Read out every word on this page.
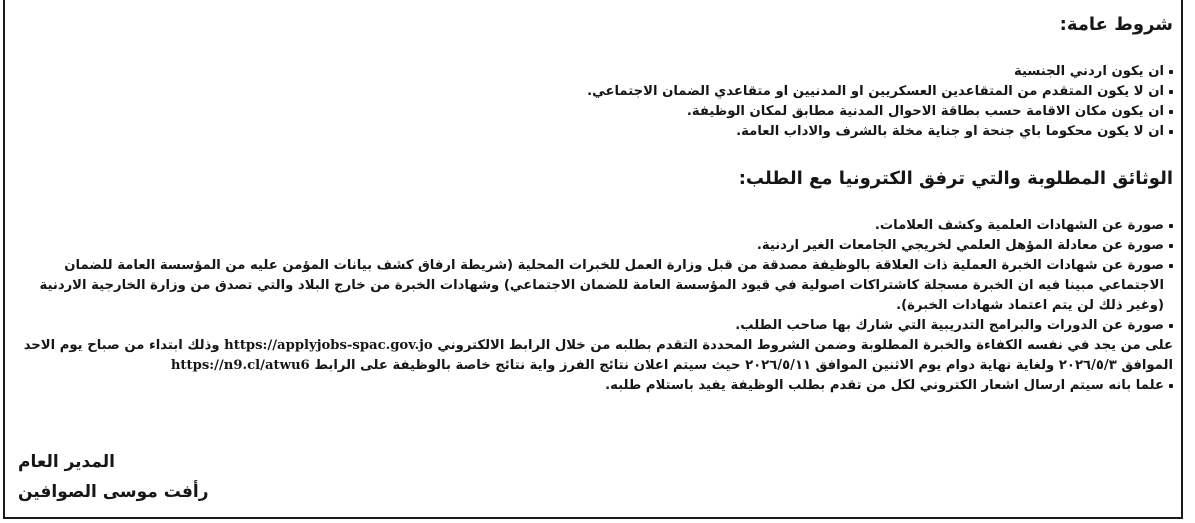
شروط عامة:
ان يكون اردني الجنسية
ان لا يكون المتقدم من المتقاعدين العسكريين او المدنيين او متقاعدي الضمان الاجتماعي.
ان يكون مكان الاقامة حسب بطاقة الاحوال المدنية مطابق لمكان الوظيفة.
ان لا يكون محكوما باي جنحة او جناية مخلة بالشرف والاداب العامة.
الوثائق المطلوبة والتي ترفق الكترونيا مع الطلب:
صورة عن الشهادات العلمية وكشف العلامات.
صورة عن معادلة المؤهل العلمي لخريجي الجامعات الغير اردنية.
صورة عن شهادات الخبرة العملية ذات العلاقة بالوظيفة مصدقة من قبل وزارة العمل للخبرات المحلية (شريطة ارفاق كشف بيانات المؤمن عليه من المؤسسة العامة للضمان الاجتماعي مبينا فيه ان الخبرة مسجلة كاشتراكات اصولية في قيود المؤسسة العامة للضمان الاجتماعي) وشهادات الخبرة من خارج البلاد والتي تصدق من وزارة الخارجية الاردنية (وغير ذلك لن يتم اعتماد شهادات الخبرة).
صورة عن الدورات والبرامج التدريبية التي شارك بها صاحب الطلب.

على من يجد في نفسه الكفاءة والخبرة المطلوبة وضمن الشروط المحددة التقدم بطلبه من خلال الرابط الالكتروني https://applyjobs-spac.gov.jo وذلك ابتداء من صباح يوم الاحد الموافق ٢٠٢٦/٥/٣ ولغاية نهاية دوام يوم الاثنين الموافق ٢٠٢٦/٥/١١ حيث سيتم اعلان نتائج الفرز واية نتائج خاصة بالوظيفة على الرابط https://n9.cl/atwu6

علما بانه سيتم ارسال اشعار الكتروني لكل من تقدم بطلب الوظيفة يفيد باستلام طلبه.
المدير العام
رأفت موسى الصوافين
